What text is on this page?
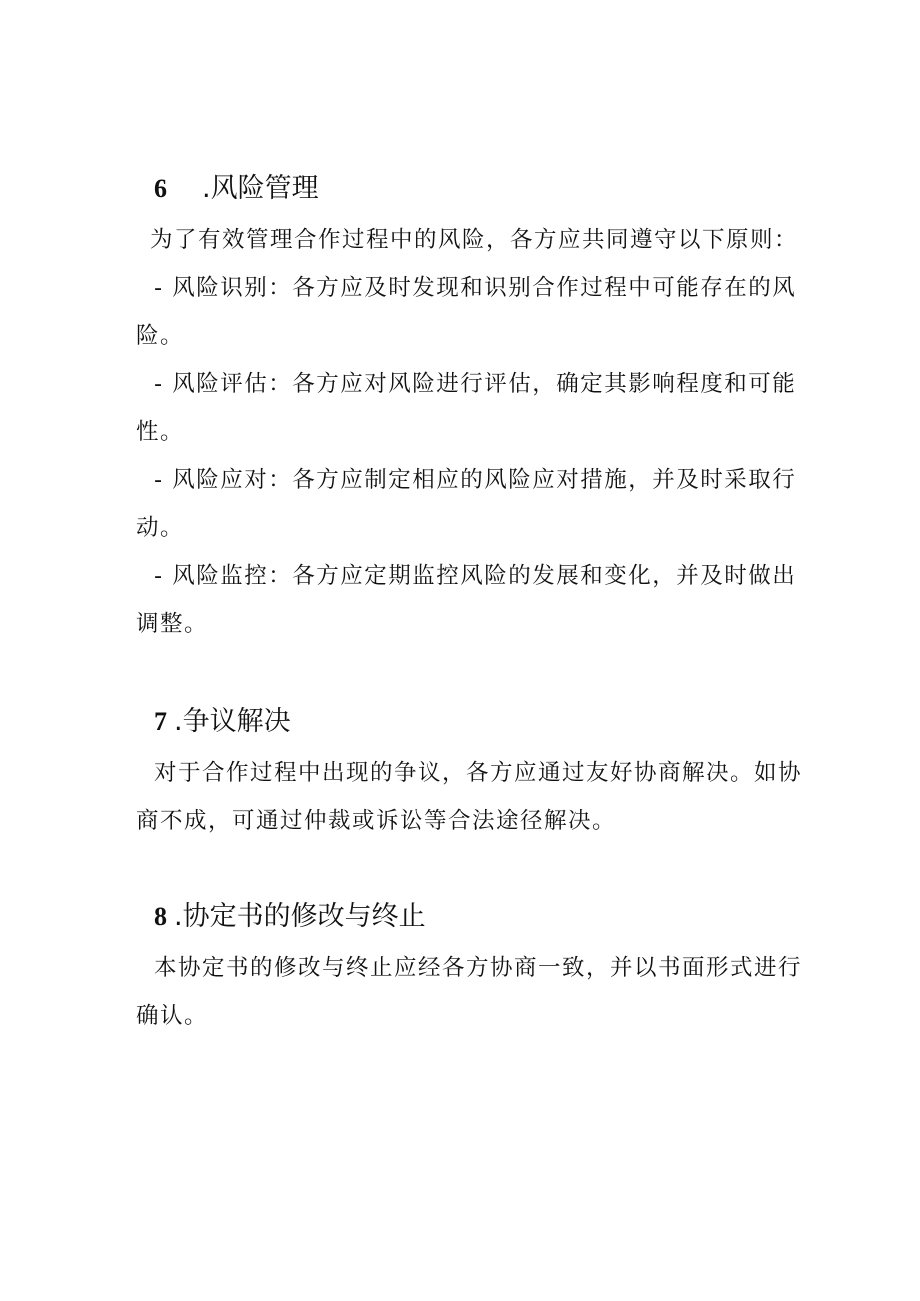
6 .风险管理

为了有效管理合作过程中的风险，各方应共同遵守以下原则：

- 风险识别：各方应及时发现和识别合作过程中可能存在的风险。

- 风险评估：各方应对风险进行评估，确定其影响程度和可能性。

- 风险应对：各方应制定相应的风险应对措施，并及时采取行动。

- 风险监控：各方应定期监控风险的发展和变化，并及时做出调整。

7 .争议解决

对于合作过程中出现的争议，各方应通过友好协商解决。如协商不成，可通过仲裁或诉讼等合法途径解决。

8 .协定书的修改与终止

本协定书的修改与终止应经各方协商一致，并以书面形式进行确认。
